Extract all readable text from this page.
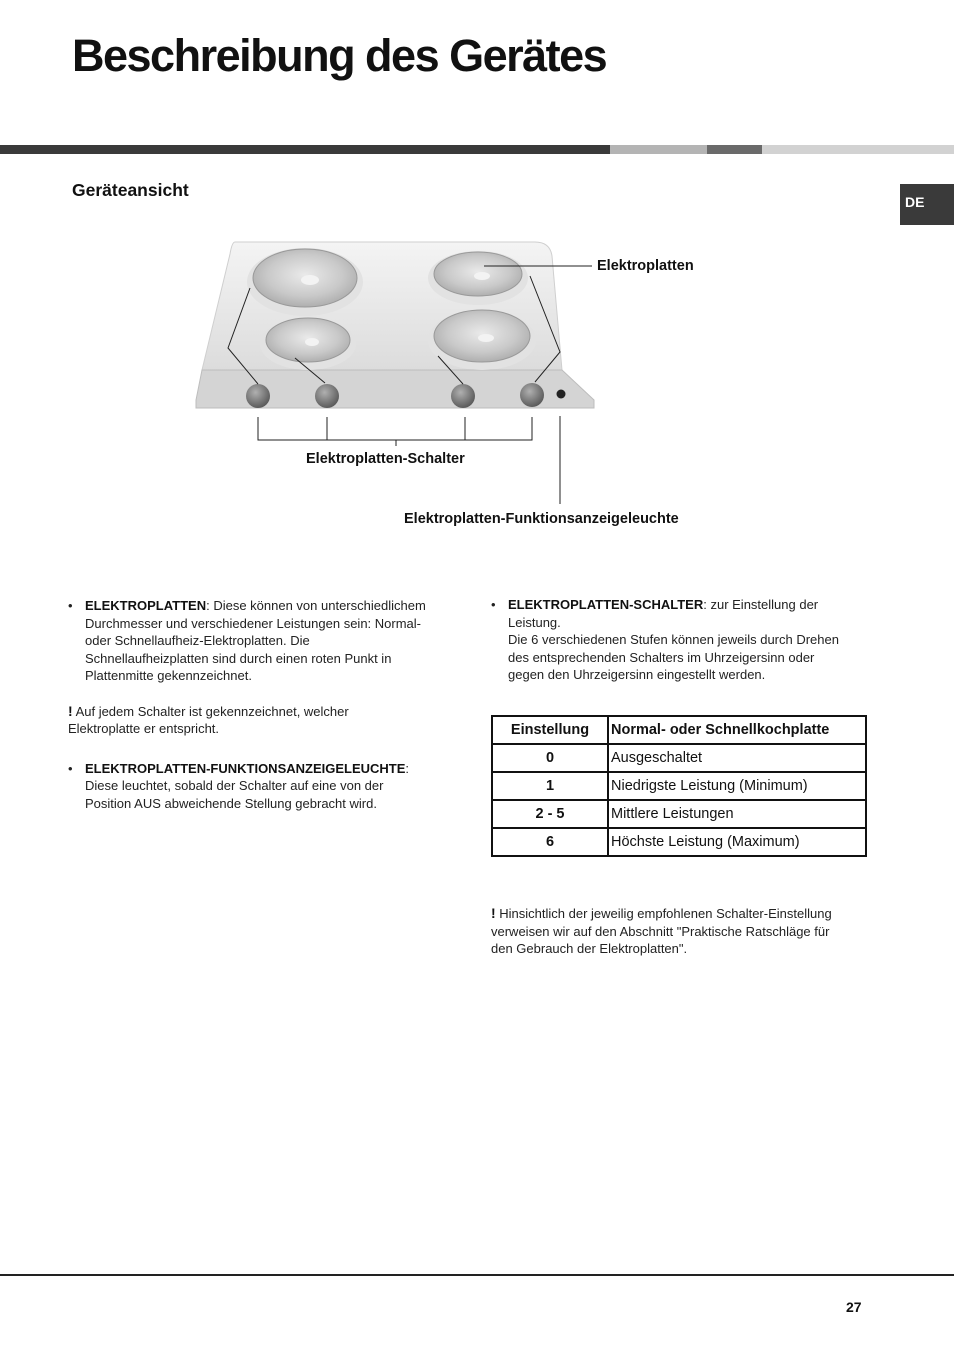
Beschreibung des Gerätes
Geräteansicht
DE
Elektroplatten
Elektroplatten-Schalter
Elektroplatten-Funktionsanzeigeleuchte

• ELEKTROPLATTEN: Diese können von unterschiedlichem
Durchmesser und verschiedener Leistungen sein: Normal-
oder Schnellaufheiz-Elektroplatten. Die
Schnellaufheizplatten sind durch einen roten Punkt in
Plattenmitte gekennzeichnet.

! Auf jedem Schalter ist gekennzeichnet, welcher
Elektroplatte er entspricht.

• ELEKTROPLATTEN-FUNKTIONSANZEIGELEUCHTE:
Diese leuchtet, sobald der Schalter auf eine von der
Position AUS abweichende Stellung gebracht wird.

• ELEKTROPLATTEN-SCHALTER: zur Einstellung der
Leistung.
Die 6 verschiedenen Stufen können jeweils durch Drehen
des entsprechenden Schalters im Uhrzeigersinn oder
gegen den Uhrzeigersinn eingestellt werden.

Einstellung	Normal- oder Schnellkochplatte
0	Ausgeschaltet
1	Niedrigste Leistung (Minimum)
2 - 5	Mittlere Leistungen
6	Höchste Leistung (Maximum)

! Hinsichtlich der jeweilig empfohlenen Schalter-Einstellung
verweisen wir auf den Abschnitt "Praktische Ratschläge für
den Gebrauch der Elektroplatten".

27
